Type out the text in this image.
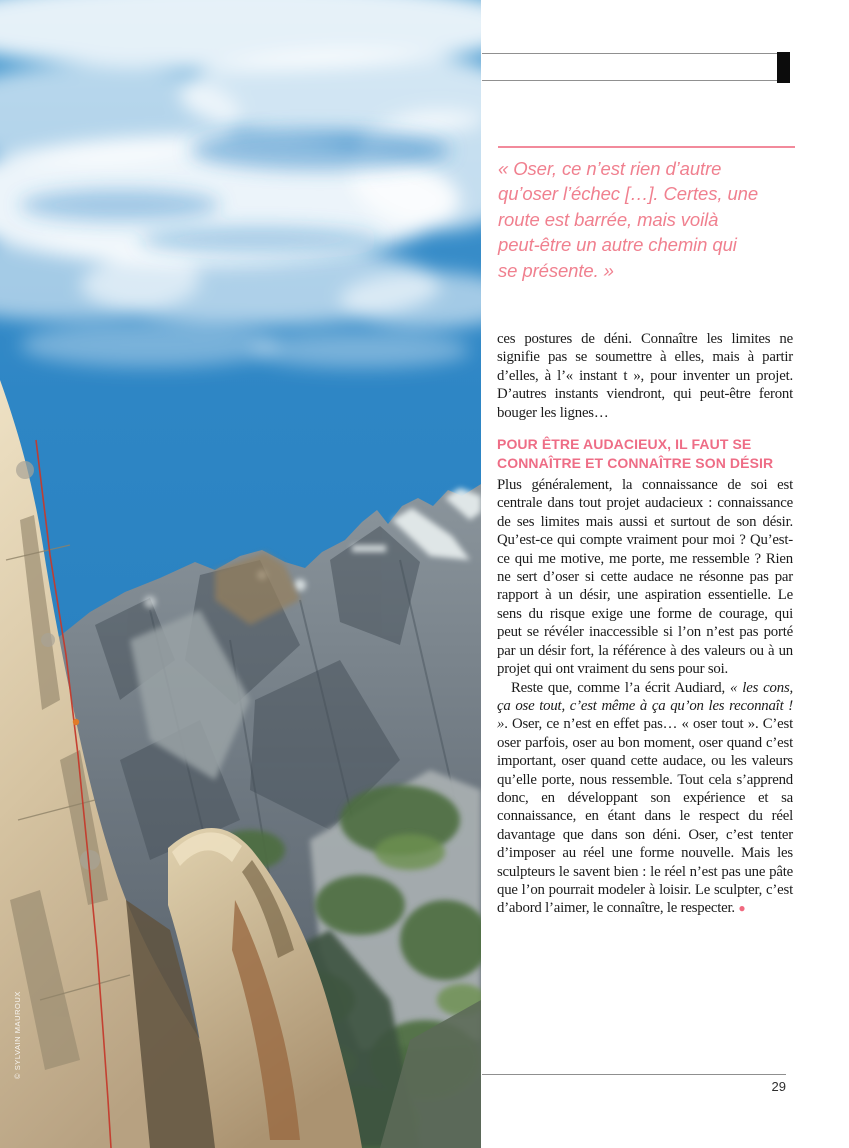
© SYLVAIN MAUROUX
« Oser, ce n’est rien d’autre
qu’oser l’échec […]. Certes, une
route est barrée, mais voilà
peut-être un autre chemin qui
se présente. »

ces postures de déni. Connaître les limites ne signifie pas se soumettre à elles, mais à partir d’elles, à l’« instant t », pour inventer un projet. D’autres instants viendront, qui peut-être feront bouger les lignes…

POUR ÊTRE AUDACIEUX, IL FAUT SE
CONNAÎTRE ET CONNAÎTRE SON DÉSIR

Plus généralement, la connaissance de soi est centrale dans tout projet audacieux : connaissance de ses limites mais aussi et surtout de son désir. Qu’est-ce qui compte vraiment pour moi ? Qu’est-ce qui me motive, me porte, me ressemble ? Rien ne sert d’oser si cette audace ne résonne pas par rapport à un désir, une aspiration essentielle. Le sens du risque exige une forme de courage, qui peut se révéler inaccessible si l’on n’est pas porté par un désir fort, la référence à des valeurs ou à un projet qui ont vraiment du sens pour soi.

Reste que, comme l’a écrit Audiard, « les cons, ça ose tout, c’est même à ça qu’on les reconnaît ! ». Oser, ce n’est en effet pas… « oser tout ». C’est oser parfois, oser au bon moment, oser quand c’est important, oser quand cette audace, ou les valeurs qu’elle porte, nous ressemble. Tout cela s’apprend donc, en développant son expérience et sa connaissance, en étant dans le respect du réel davantage que dans son déni. Oser, c’est tenter d’imposer au réel une forme nouvelle. Mais les sculpteurs le savent bien : le réel n’est pas une pâte que l’on pourrait modeler à loisir. Le sculpter, c’est d’abord l’aimer, le connaître, le respecter. ●

29
